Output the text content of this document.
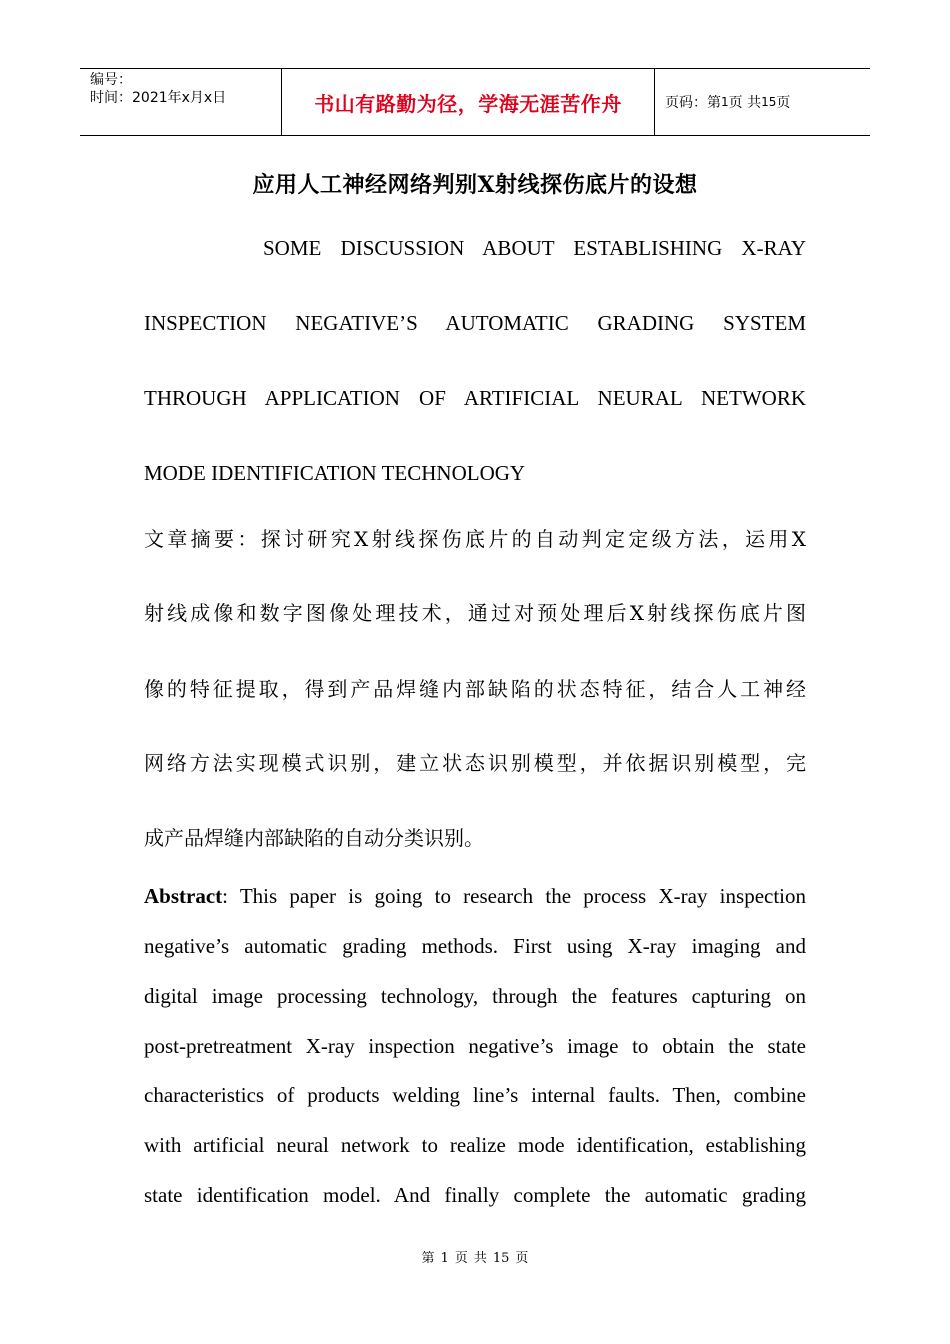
编号：
时间：2021年x月x日	书山有路勤为径，学海无涯苦作舟	页码：第 1 页 共 15 页
应用人工神经网络判别X射线探伤底片的设想
SOME DISCUSSION ABOUT ESTABLISHING X-RAY
INSPECTION NEGATIVE’S AUTOMATIC GRADING SYSTEM
THROUGH APPLICATION OF ARTIFICIAL NEURAL NETWORK
MODE IDENTIFICATION TECHNOLOGY
文章摘要：探讨研究X射线探伤底片的自动判定定级方法，运用X
射线成像和数字图像处理技术，通过对预处理后X射线探伤底片图
像的特征提取，得到产品焊缝内部缺陷的状态特征，结合人工神经
网络方法实现模式识别，建立状态识别模型，并依据识别模型，完
成产品焊缝内部缺陷的自动分类识别。
Abstract: This paper is going to research the process X-ray inspection
negative’s automatic grading methods. First using X-ray imaging and
digital image processing technology, through the features capturing on
post-pretreatment X-ray inspection negative’s image to obtain the state
characteristics of products welding line’s internal faults. Then, combine
with artificial neural network to realize mode identification, establishing
state identification model. And finally complete the automatic grading
第 1 页 共 15 页
